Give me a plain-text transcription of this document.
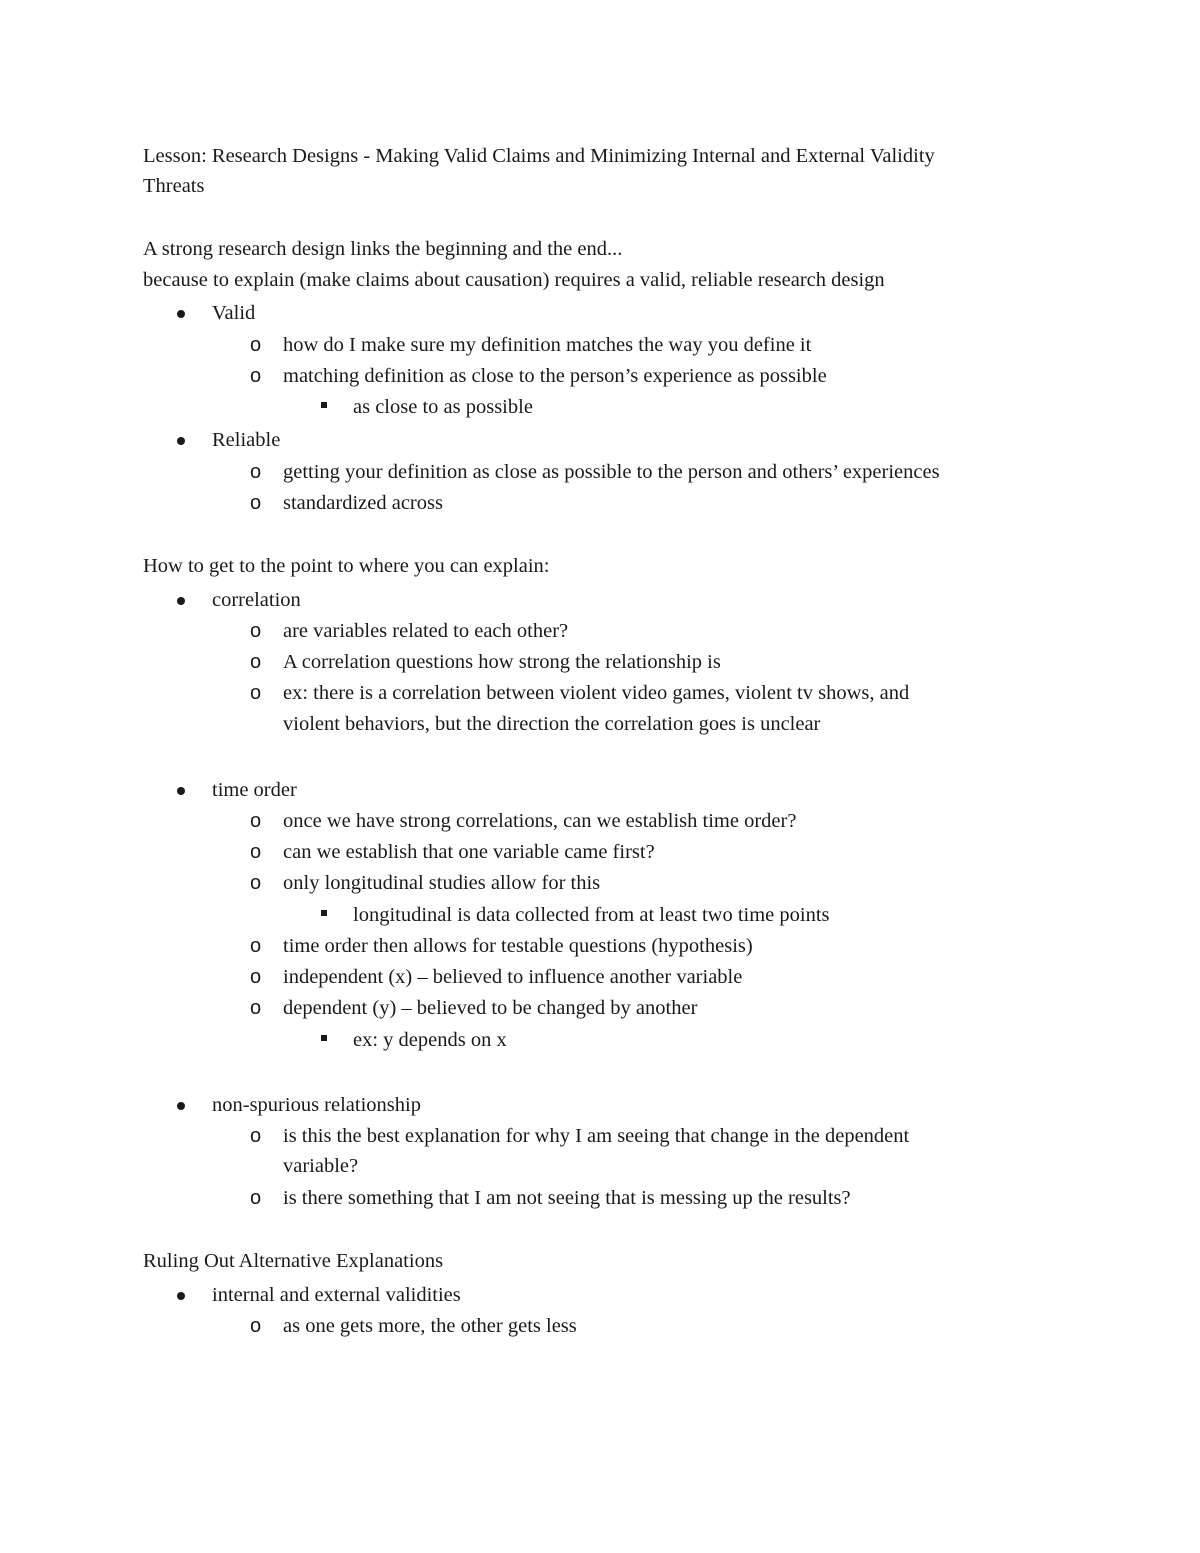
Lesson: Research Designs - Making Valid Claims and Minimizing Internal and External Validity
Threats
A strong research design links the beginning and the end...
because to explain (make claims about causation) requires a valid, reliable research design
Valid
o how do I make sure my definition matches the way you define it
o matching definition as close to the person’s experience as possible
as close to as possible
Reliable
o getting your definition as close as possible to the person and others’ experiences
o standardized across
How to get to the point to where you can explain:
correlation
o are variables related to each other?
o A correlation questions how strong the relationship is
o ex: there is a correlation between violent video games, violent tv shows, and
violent behaviors, but the direction the correlation goes is unclear
time order
o once we have strong correlations, can we establish time order?
o can we establish that one variable came first?
o only longitudinal studies allow for this
longitudinal is data collected from at least two time points
o time order then allows for testable questions (hypothesis)
o independent (x) – believed to influence another variable
o dependent (y) – believed to be changed by another
ex: y depends on x
non-spurious relationship
o is this the best explanation for why I am seeing that change in the dependent
variable?
o is there something that I am not seeing that is messing up the results?
Ruling Out Alternative Explanations
internal and external validities
o as one gets more, the other gets less
